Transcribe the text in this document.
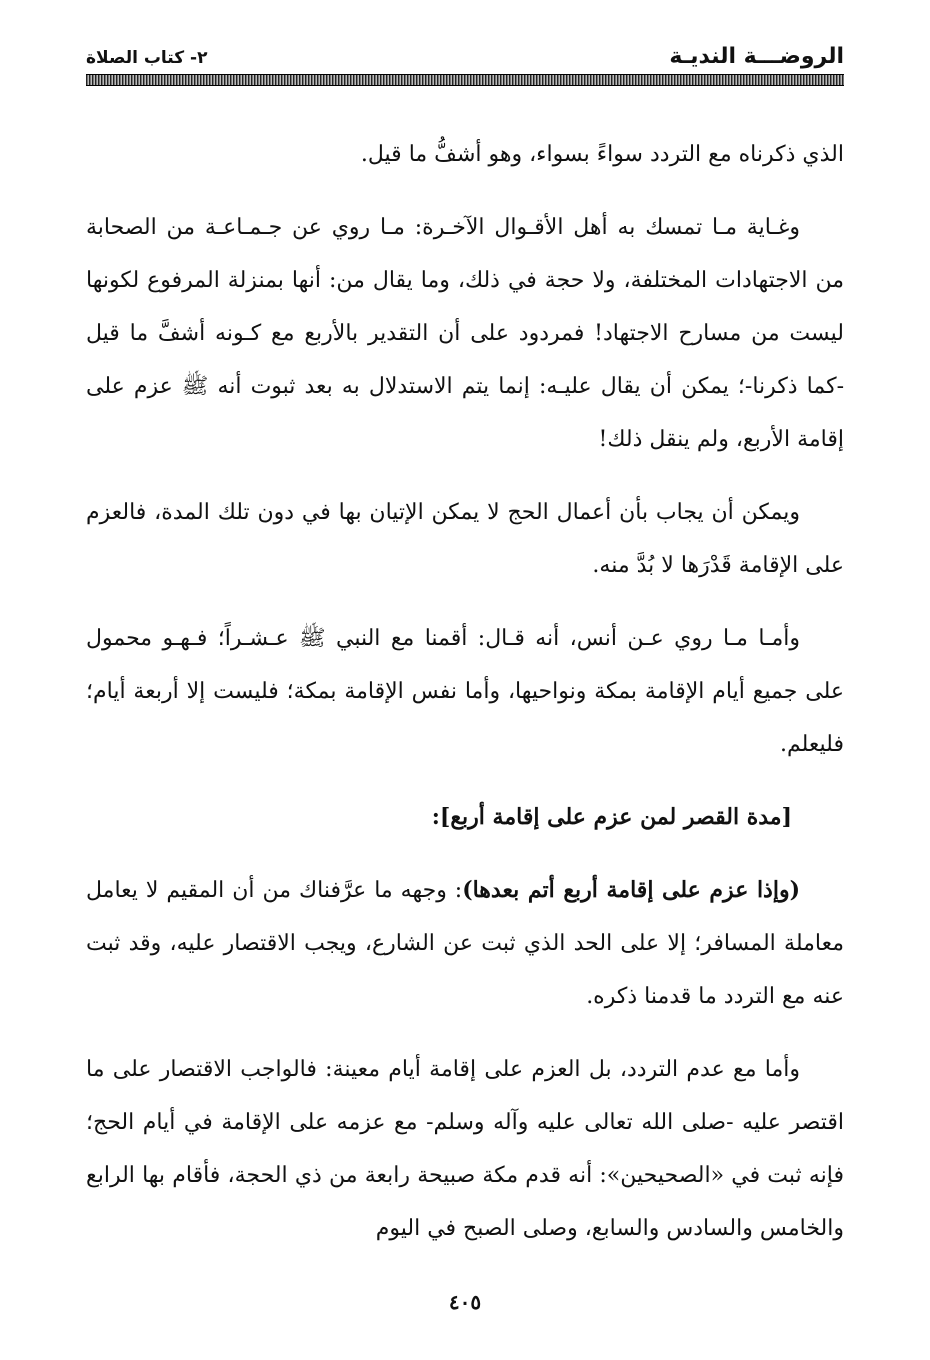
الروضـــة النديـة
٢- كتاب الصلاة

الذي ذكرناه مع التردد سواءً بسواء، وهو أشفُّ ما قيل.

وغـاية مـا تمسك به أهل الأقـوال الآخـرة: مـا روي عن جـمـاعـة من الصحابة من الاجتهادات المختلفة، ولا حجة في ذلك، وما يقال من: أنها بمنزلة المرفوع لكونها ليست من مسارح الاجتهاد! فمردود على أن التقدير بالأربع مع كـونه أشفَّ ما قيل -كما ذكرنا-؛ يمكن أن يقال عليـه: إنما يتم الاستدلال به بعد ثبوت أنه ﷺ عزم على إقامة الأربع، ولم ينقل ذلك!

ويمكن أن يجاب بأن أعمال الحج لا يمكن الإتيان بها في دون تلك المدة، فالعزم على الإقامة قَدْرَها لا بُدَّ منه.

وأمـا مـا روي عـن أنس، أنه قـال: أقمنا مع النبي ﷺ عـشـراً؛ فـهـو محمول على جميع أيام الإقامة بمكة ونواحيها، وأما نفس الإقامة بمكة؛ فليست إلا أربعة أيام؛ فليعلم.

[مدة القصر لمن عزم على إقامة أربع]:

(وإذا عزم على إقامة أربع أتم بعدها): وجهه ما عرَّفناك من أن المقيم لا يعامل معاملة المسافر؛ إلا على الحد الذي ثبت عن الشارع، ويجب الاقتصار عليه، وقد ثبت عنه مع التردد ما قدمنا ذكره.

وأما مع عدم التردد، بل العزم على إقامة أيام معينة: فالواجب الاقتصار على ما اقتصر عليه -صلى الله تعالى عليه وآله وسلم- مع عزمه على الإقامة في أيام الحج؛ فإنه ثبت في «الصحيحين»: أنه قدم مكة صبيحة رابعة من ذي الحجة، فأقام بها الرابع والخامس والسادس والسابع، وصلى الصبح في اليوم

٤٠٥
